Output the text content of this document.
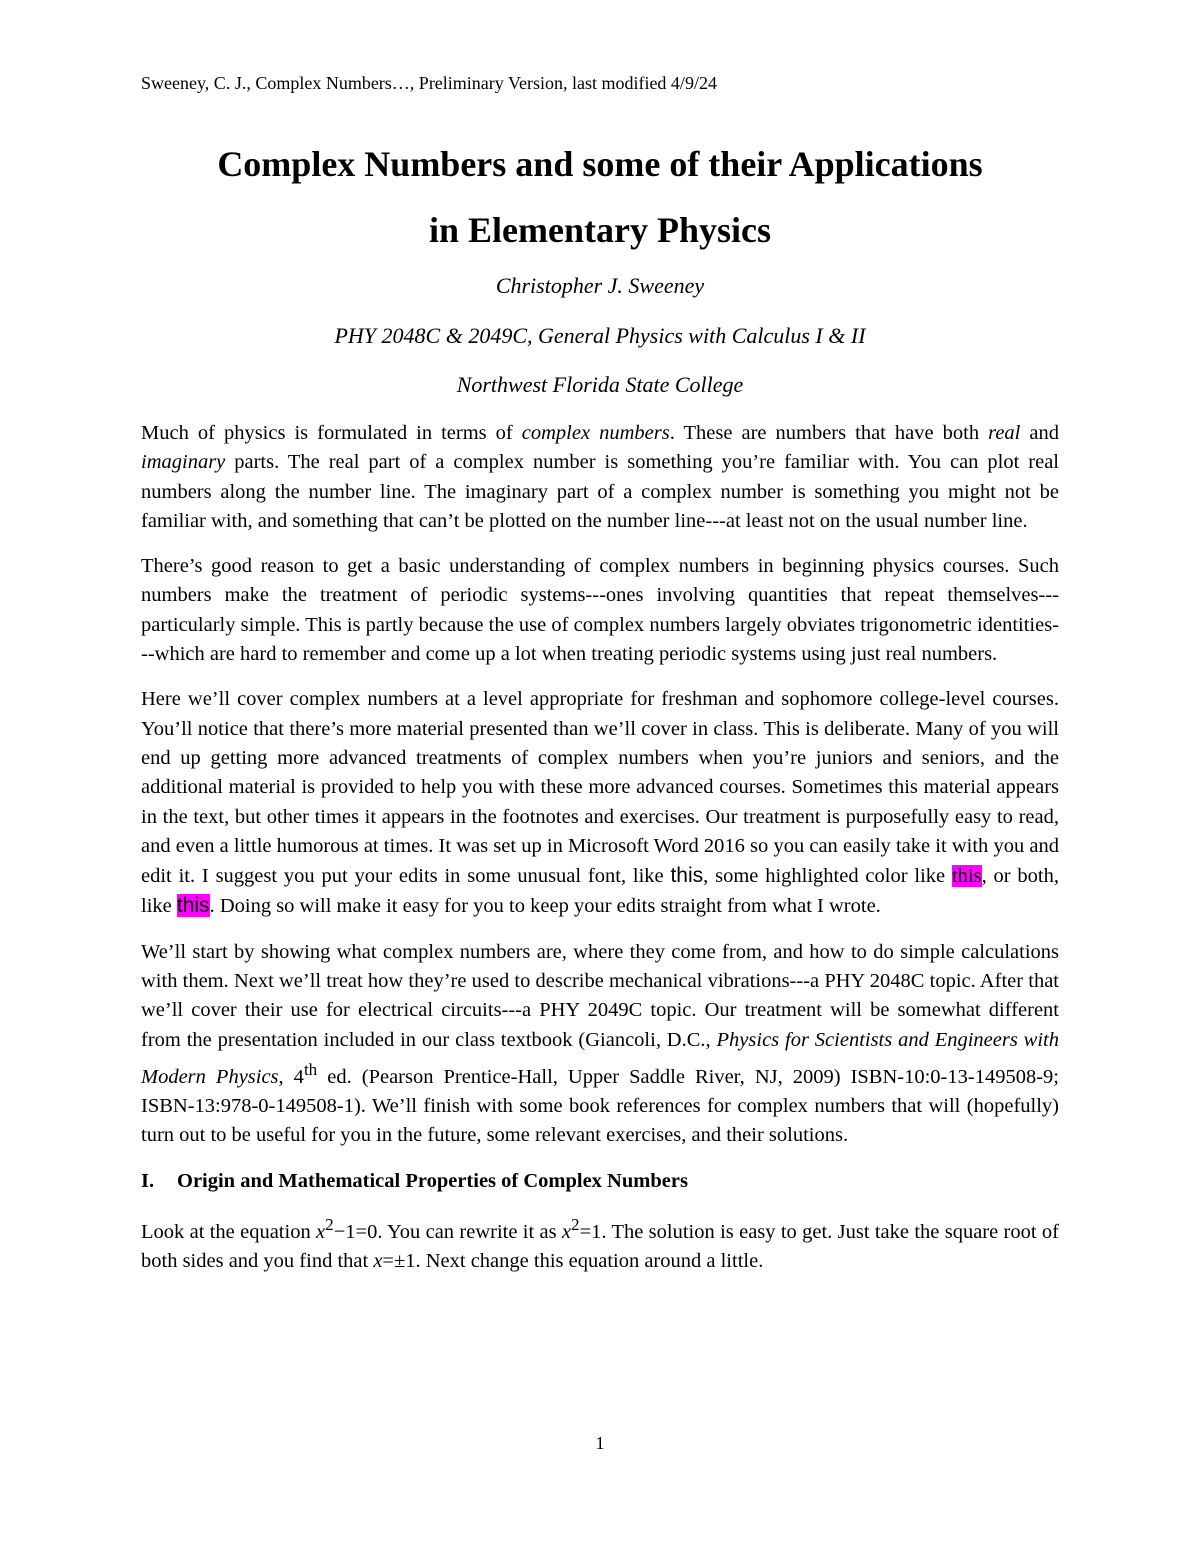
Sweeney, C. J., Complex Numbers…, Preliminary Version, last modified 4/9/24
Complex Numbers and some of their Applications
in Elementary Physics
Christopher J. Sweeney
PHY 2048C & 2049C, General Physics with Calculus I & II
Northwest Florida State College

Much of physics is formulated in terms of complex numbers. These are numbers that have both real and imaginary parts. The real part of a complex number is something you’re familiar with. You can plot real numbers along the number line. The imaginary part of a complex number is something you might not be familiar with, and something that can’t be plotted on the number line---at least not on the usual number line.

There’s good reason to get a basic understanding of complex numbers in beginning physics courses. Such numbers make the treatment of periodic systems---ones involving quantities that repeat themselves---particularly simple. This is partly because the use of complex numbers largely obviates trigonometric identities---which are hard to remember and come up a lot when treating periodic systems using just real numbers.

Here we’ll cover complex numbers at a level appropriate for freshman and sophomore college-level courses. You’ll notice that there’s more material presented than we’ll cover in class. This is deliberate. Many of you will end up getting more advanced treatments of complex numbers when you’re juniors and seniors, and the additional material is provided to help you with these more advanced courses. Sometimes this material appears in the text, but other times it appears in the footnotes and exercises. Our treatment is purposefully easy to read, and even a little humorous at times. It was set up in Microsoft Word 2016 so you can easily take it with you and edit it. I suggest you put your edits in some unusual font, like this, some highlighted color like this, or both, like this. Doing so will make it easy for you to keep your edits straight from what I wrote.

We’ll start by showing what complex numbers are, where they come from, and how to do simple calculations with them. Next we’ll treat how they’re used to describe mechanical vibrations---a PHY 2048C topic. After that we’ll cover their use for electrical circuits---a PHY 2049C topic. Our treatment will be somewhat different from the presentation included in our class textbook (Giancoli, D.C., Physics for Scientists and Engineers with Modern Physics, 4th ed. (Pearson Prentice-Hall, Upper Saddle River, NJ, 2009) ISBN-10:0-13-149508-9; ISBN-13:978-0-149508-1). We’ll finish with some book references for complex numbers that will (hopefully) turn out to be useful for you in the future, some relevant exercises, and their solutions.

I.	Origin and Mathematical Properties of Complex Numbers

Look at the equation $x^2-1=0$. You can rewrite it as $x^2=1$. The solution is easy to get. Just take the square root of both sides and you find that x=±1. Next change this equation around a little.

1
